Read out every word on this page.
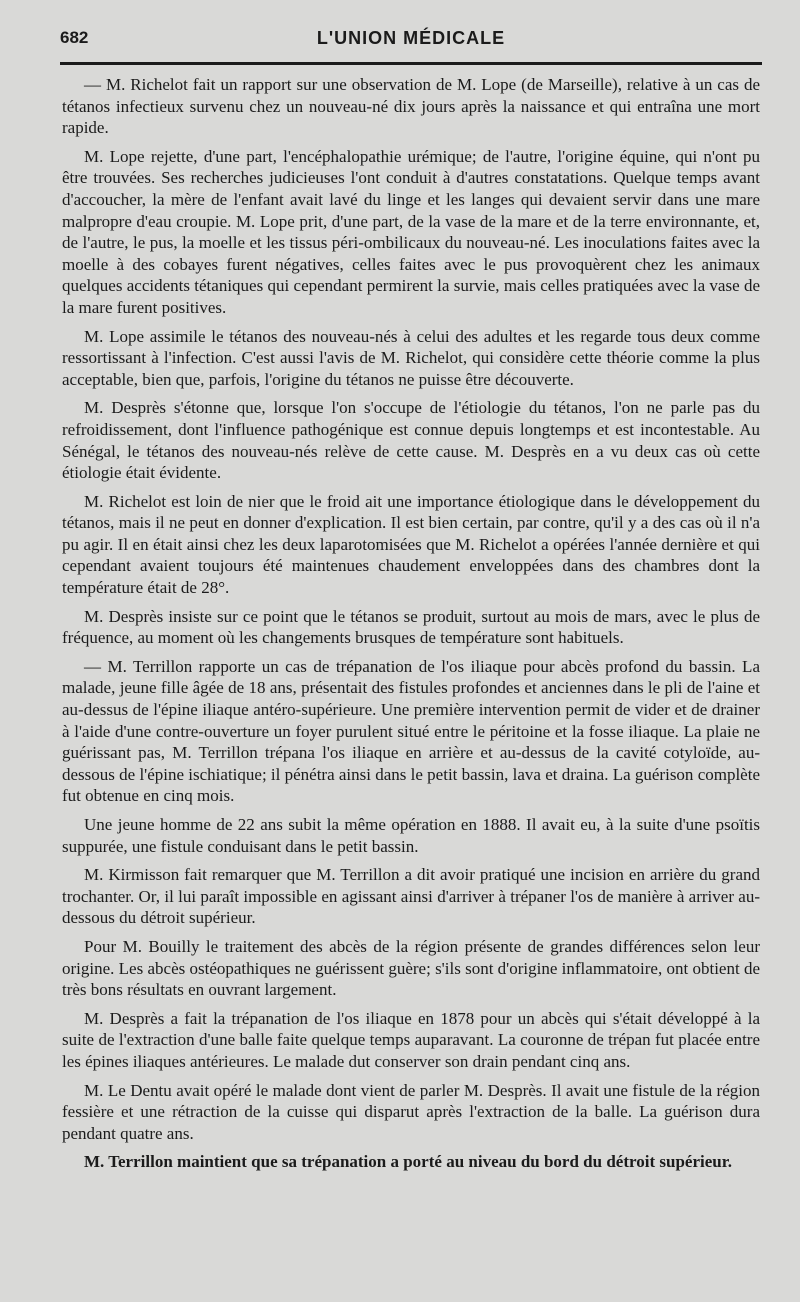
682	L'UNION MÉDICALE

— M. Richelot fait un rapport sur une observation de M. Lope (de Marseille), relative à un cas de tétanos infectieux survenu chez un nouveau-né dix jours après la naissance et qui entraîna une mort rapide.

M. Lope rejette, d'une part, l'encéphalopathie urémique; de l'autre, l'origine équine, qui n'ont pu être trouvées. Ses recherches judicieuses l'ont conduit à d'autres constatations. Quelque temps avant d'accoucher, la mère de l'enfant avait lavé du linge et les langes qui devaient servir dans une mare malpropre d'eau croupie. M. Lope prit, d'une part, de la vase de la mare et de la terre environnante, et, de l'autre, le pus, la moelle et les tissus péri-ombilicaux du nouveau-né. Les inoculations faites avec la moelle à des cobayes furent négatives, celles faites avec le pus provoquèrent chez les animaux quelques accidents tétaniques qui cependant permirent la survie, mais celles pratiquées avec la vase de la mare furent positives.

M. Lope assimile le tétanos des nouveau-nés à celui des adultes et les regarde tous deux comme ressortissant à l'infection. C'est aussi l'avis de M. Richelot, qui considère cette théorie comme la plus acceptable, bien que, parfois, l'origine du tétanos ne puisse être découverte.

M. Desprès s'étonne que, lorsque l'on s'occupe de l'étiologie du tétanos, l'on ne parle pas du refroidissement, dont l'influence pathogénique est connue depuis longtemps et est incontestable. Au Sénégal, le tétanos des nouveau-nés relève de cette cause. M. Desprès en a vu deux cas où cette étiologie était évidente.

M. Richelot est loin de nier que le froid ait une importance étiologique dans le développement du tétanos, mais il ne peut en donner d'explication. Il est bien certain, par contre, qu'il y a des cas où il n'a pu agir. Il en était ainsi chez les deux laparotomisées que M. Richelot a opérées l'année dernière et qui cependant avaient toujours été maintenues chaudement enveloppées dans des chambres dont la température était de 28°.

M. Desprès insiste sur ce point que le tétanos se produit, surtout au mois de mars, avec le plus de fréquence, au moment où les changements brusques de température sont habituels.

— M. Terrillon rapporte un cas de trépanation de l'os iliaque pour abcès profond du bassin. La malade, jeune fille âgée de 18 ans, présentait des fistules profondes et anciennes dans le pli de l'aine et au-dessus de l'épine iliaque antéro-supérieure. Une première intervention permit de vider et de drainer à l'aide d'une contre-ouverture un foyer purulent situé entre le péritoine et la fosse iliaque. La plaie ne guérissant pas, M. Terrillon trépana l'os iliaque en arrière et au-dessus de la cavité cotyloïde, au-dessous de l'épine ischiatique; il pénétra ainsi dans le petit bassin, lava et draina. La guérison complète fut obtenue en cinq mois.

Une jeune homme de 22 ans subit la même opération en 1888. Il avait eu, à la suite d'une psoïtis suppurée, une fistule conduisant dans le petit bassin.

M. Kirmisson fait remarquer que M. Terrillon a dit avoir pratiqué une incision en arrière du grand trochanter. Or, il lui paraît impossible en agissant ainsi d'arriver à trépaner l'os de manière à arriver au-dessous du détroit supérieur.

Pour M. Bouilly le traitement des abcès de la région présente de grandes différences selon leur origine. Les abcès ostéopathiques ne guérissent guère; s'ils sont d'origine inflammatoire, ont obtient de très bons résultats en ouvrant largement.

M. Desprès a fait la trépanation de l'os iliaque en 1878 pour un abcès qui s'était développé à la suite de l'extraction d'une balle faite quelque temps auparavant. La couronne de trépan fut placée entre les épines iliaques antérieures. Le malade dut conserver son drain pendant cinq ans.

M. Le Dentu avait opéré le malade dont vient de parler M. Desprès. Il avait une fistule de la région fessière et une rétraction de la cuisse qui disparut après l'extraction de la balle. La guérison dura pendant quatre ans.

M. Terrillon maintient que sa trépanation a porté au niveau du bord du détroit supérieur.
